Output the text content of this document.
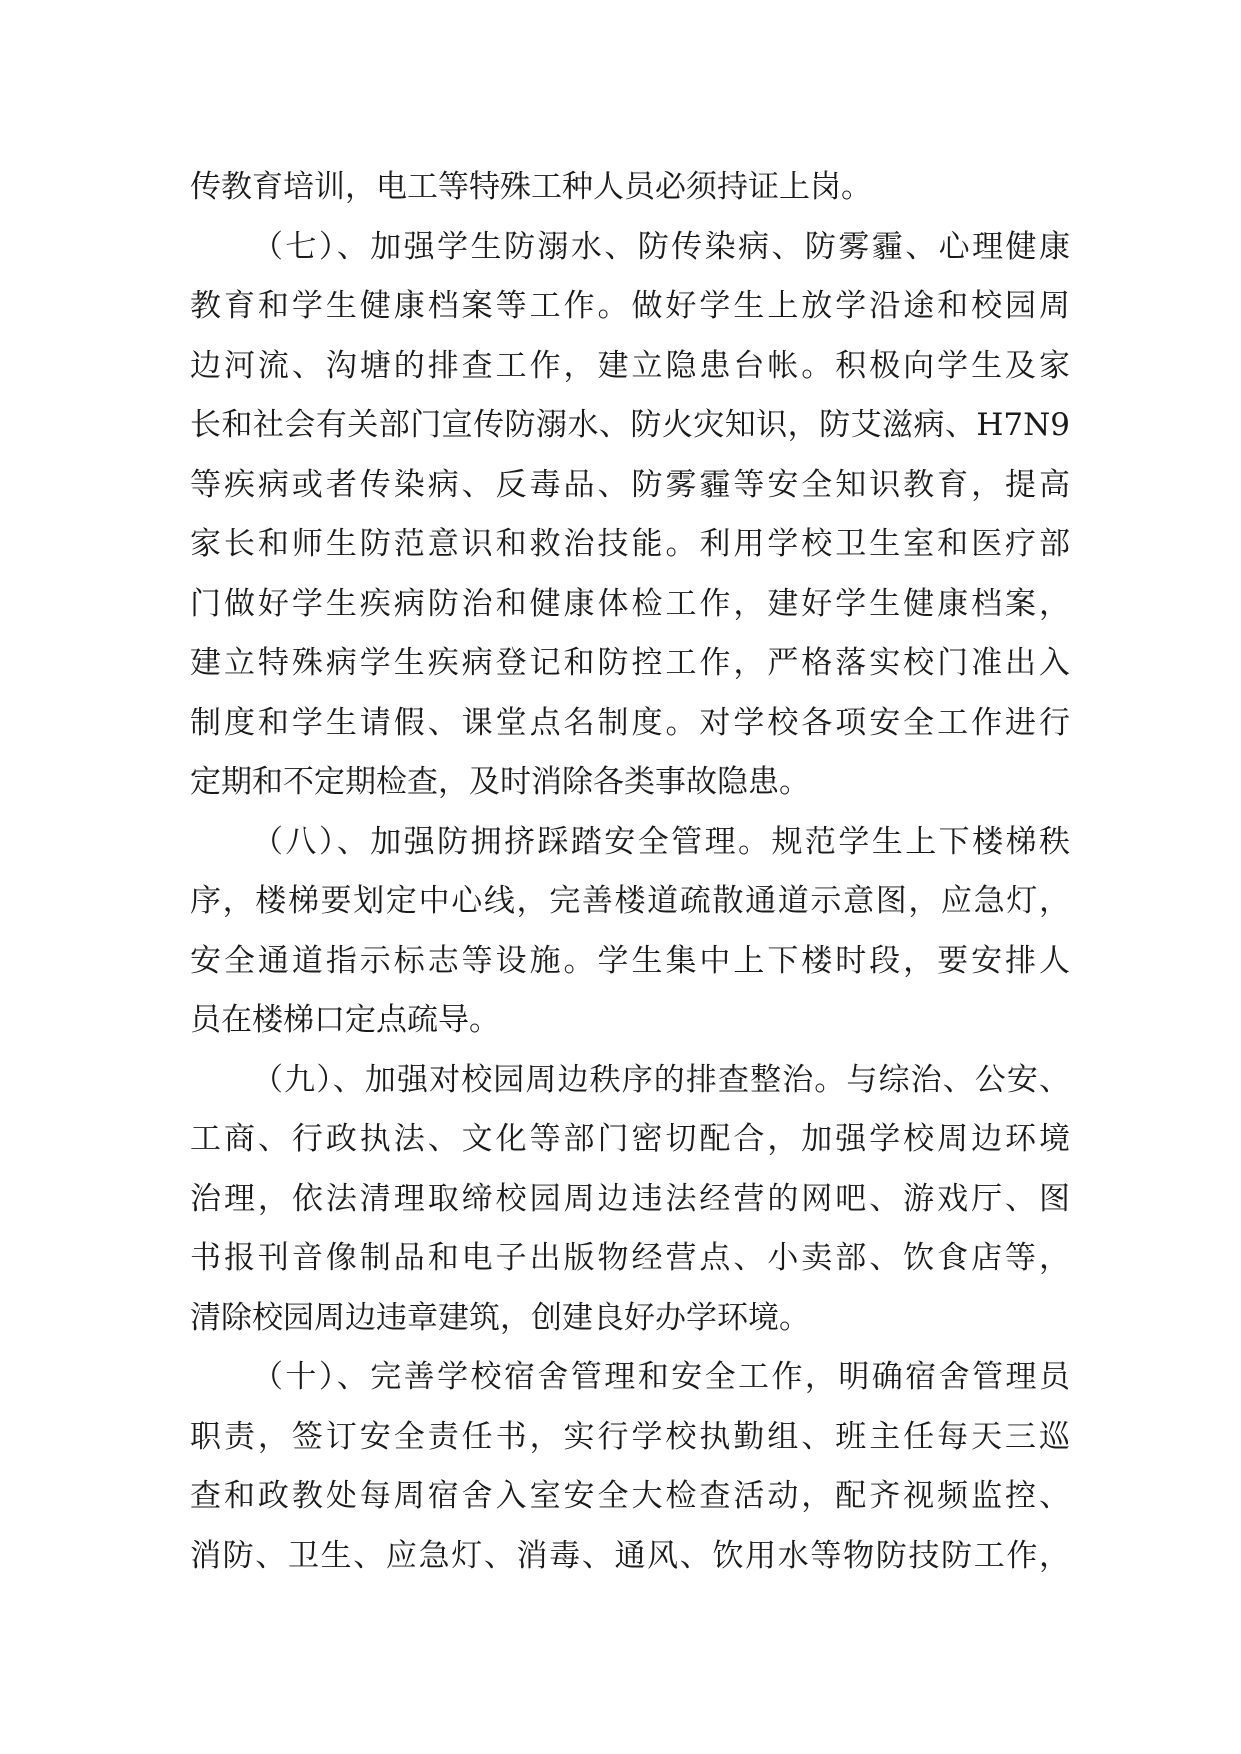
传教育培训，电工等特殊工种人员必须持证上岗。
（七）、加强学生防溺水、防传染病、防雾霾、心理健康
教育和学生健康档案等工作。做好学生上放学沿途和校园周
边河流、沟塘的排查工作，建立隐患台帐。积极向学生及家
长和社会有关部门宣传防溺水、防火灾知识，防艾滋病、H7N9
等疾病或者传染病、反毒品、防雾霾等安全知识教育，提高
家长和师生防范意识和救治技能。利用学校卫生室和医疗部
门做好学生疾病防治和健康体检工作，建好学生健康档案，
建立特殊病学生疾病登记和防控工作，严格落实校门准出入
制度和学生请假、课堂点名制度。对学校各项安全工作进行
定期和不定期检查，及时消除各类事故隐患。
（八）、加强防拥挤踩踏安全管理。规范学生上下楼梯秩
序，楼梯要划定中心线，完善楼道疏散通道示意图，应急灯，
安全通道指示标志等设施。学生集中上下楼时段，要安排人
员在楼梯口定点疏导。
（九）、加强对校园周边秩序的排查整治。与综治、公安、
工商、行政执法、文化等部门密切配合，加强学校周边环境
治理，依法清理取缔校园周边违法经营的网吧、游戏厅、图
书报刊音像制品和电子出版物经营点、小卖部、饮食店等，
清除校园周边违章建筑，创建良好办学环境。
（十）、完善学校宿舍管理和安全工作，明确宿舍管理员
职责，签订安全责任书，实行学校执勤组、班主任每天三巡
查和政教处每周宿舍入室安全大检查活动，配齐视频监控、
消防、卫生、应急灯、消毒、通风、饮用水等物防技防工作，
